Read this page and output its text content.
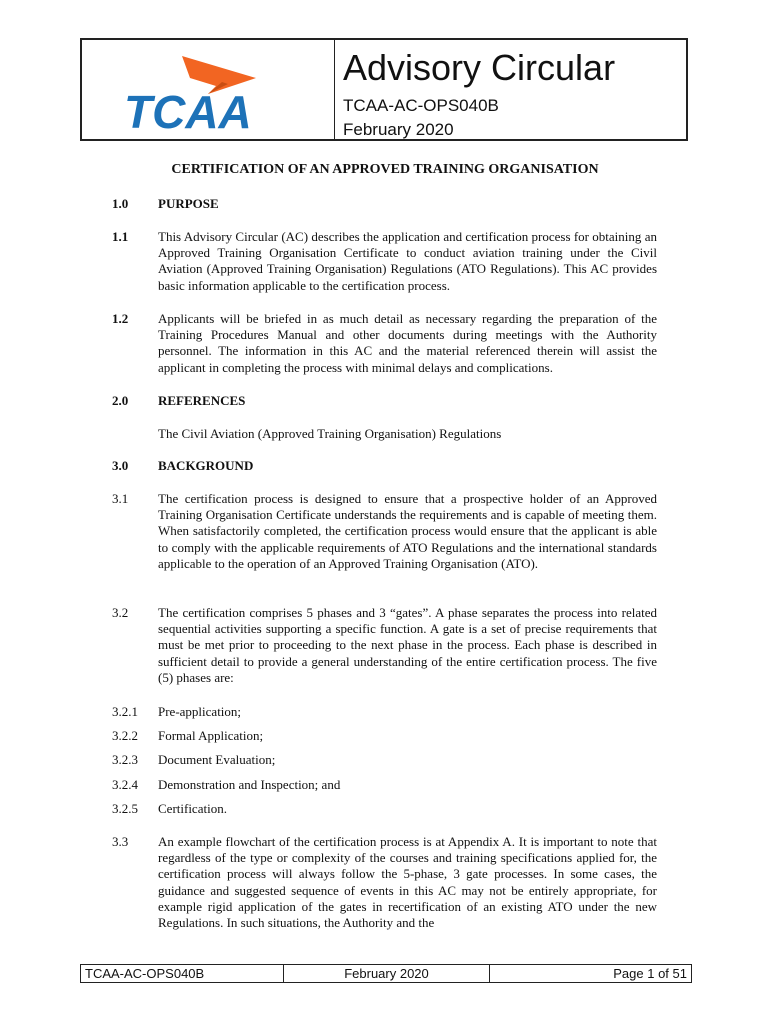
TCAA
Advisory Circular
TCAA-AC-OPS040B
February 2020
CERTIFICATION OF AN APPROVED TRAINING ORGANISATION
1.0 PURPOSE
1.1 This Advisory Circular (AC) describes the application and certification process for obtaining an Approved Training Organisation Certificate to conduct aviation training under the Civil Aviation (Approved Training Organisation) Regulations (ATO Regulations). This AC provides basic information applicable to the certification process.
1.2 Applicants will be briefed in as much detail as necessary regarding the preparation of the Training Procedures Manual and other documents during meetings with the Authority personnel. The information in this AC and the material referenced therein will assist the applicant in completing the process with minimal delays and complications.
2.0 REFERENCES
The Civil Aviation (Approved Training Organisation) Regulations
3.0 BACKGROUND
3.1 The certification process is designed to ensure that a prospective holder of an Approved Training Organisation Certificate understands the requirements and is capable of meeting them. When satisfactorily completed, the certification process would ensure that the applicant is able to comply with the applicable requirements of ATO Regulations and the international standards applicable to the operation of an Approved Training Organisation (ATO).
3.2 The certification comprises 5 phases and 3 “gates”. A phase separates the process into related sequential activities supporting a specific function. A gate is a set of precise requirements that must be met prior to proceeding to the next phase in the process. Each phase is described in sufficient detail to provide a general understanding of the entire certification process. The five (5) phases are:
3.2.1 Pre-application;
3.2.2 Formal Application;
3.2.3 Document Evaluation;
3.2.4 Demonstration and Inspection; and
3.2.5 Certification.
3.3 An example flowchart of the certification process is at Appendix A. It is important to note that regardless of the type or complexity of the courses and training specifications applied for, the certification process will always follow the 5-phase, 3 gate processes. In some cases, the guidance and suggested sequence of events in this AC may not be entirely appropriate, for example rigid application of the gates in recertification of an existing ATO under the new Regulations. In such situations, the Authority and the
TCAA-AC-OPS040B	February 2020	Page 1 of 51
